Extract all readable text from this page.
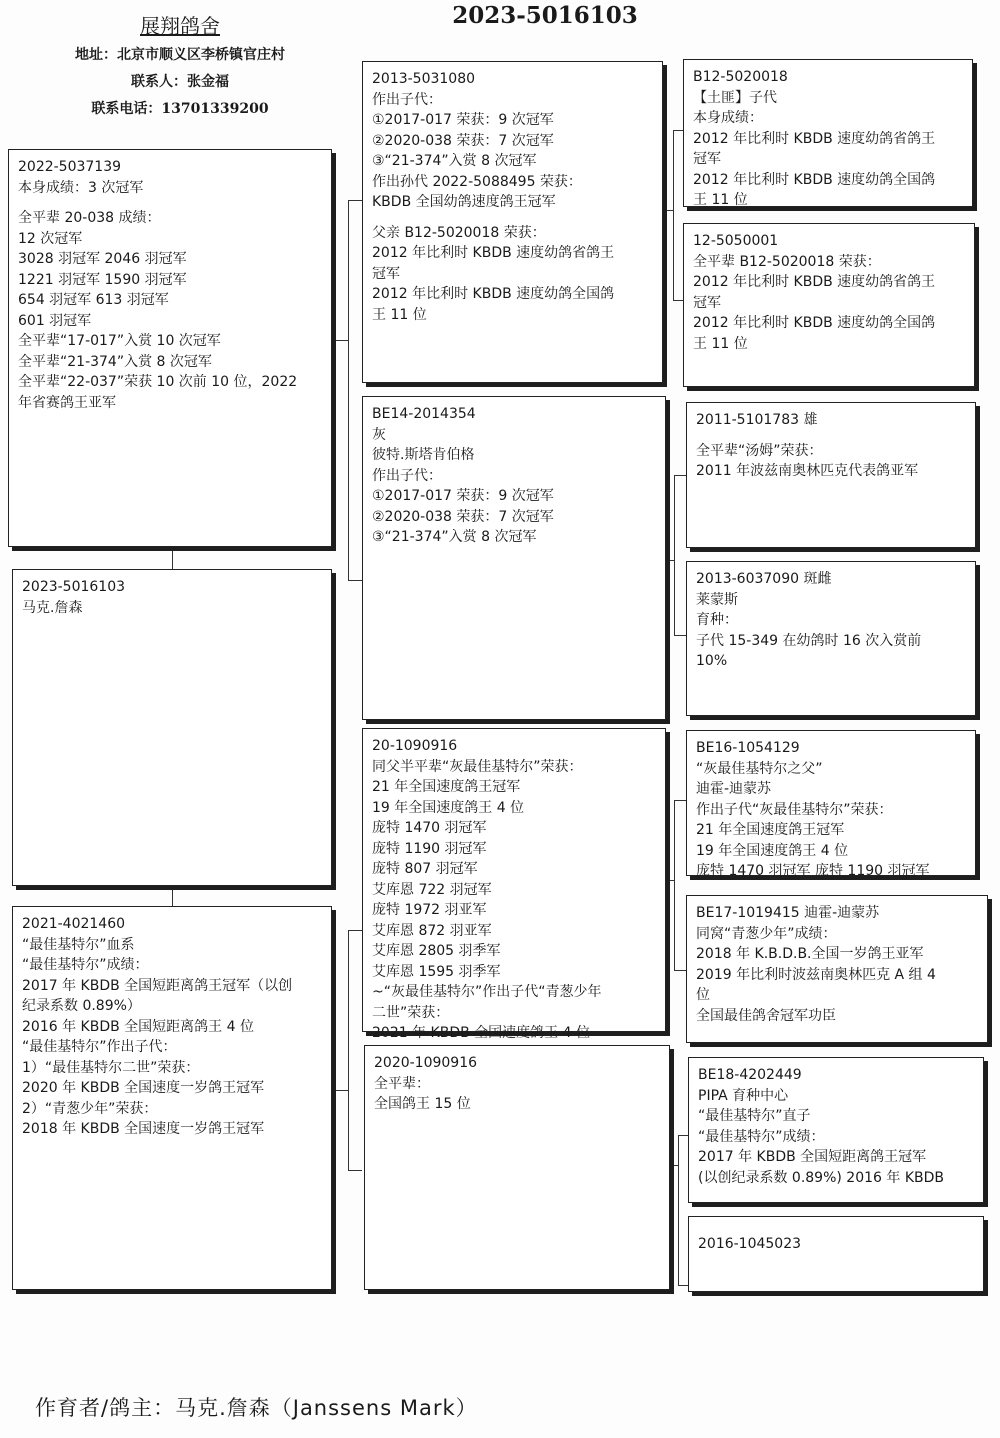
展翔鸽舍
地址：北京市顺义区李桥镇官庄村
联系人：张金福
联系电话：13701339200
2023-5016103
2022-5037139
本身成绩：3 次冠军
全平辈 20-038 成绩：
12 次冠军
3028 羽冠军 2046 羽冠军
1221 羽冠军 1590 羽冠军
654 羽冠军 613 羽冠军
601 羽冠军
全平辈“17-017”入赏 10 次冠军
全平辈“21-374”入赏 8 次冠军
全平辈“22-037”荣获 10 次前 10 位，2022
年省赛鸽王亚军
2023-5016103
马克.詹森
2021-4021460
“最佳基特尔”血系
“最佳基特尔”成绩：
2017 年 KBDB 全国短距离鸽王冠军（以创
纪录系数 0.89%）
2016 年 KBDB 全国短距离鸽王 4 位
“最佳基特尔”作出子代：
1）“最佳基特尔二世”荣获：
2020 年 KBDB 全国速度一岁鸽王冠军
2）“青葱少年”荣获：
2018 年 KBDB 全国速度一岁鸽王冠军
2013-5031080
作出子代：
①2017-017 荣获：9 次冠军
②2020-038 荣获：7 次冠军
③“21-374”入赏 8 次冠军
作出孙代 2022-5088495 荣获：
KBDB 全国幼鸽速度鸽王冠军
父亲 B12-5020018 荣获：
2012 年比利时 KBDB 速度幼鸽省鸽王
冠军
2012 年比利时 KBDB 速度幼鸽全国鸽
王 11 位
BE14-2014354
灰
彼特.斯塔肯伯格
作出子代：
①2017-017 荣获：9 次冠军
②2020-038 荣获：7 次冠军
③“21-374”入赏 8 次冠军
20-1090916
同父半平辈“灰最佳基特尔”荣获：
21 年全国速度鸽王冠军
19 年全国速度鸽王 4 位
庞特 1470 羽冠军
庞特 1190 羽冠军
庞特 807 羽冠军
艾库恩 722 羽冠军
庞特 1972 羽亚军
艾库恩 872 羽亚军
艾库恩 2805 羽季军
艾库恩 1595 羽季军
~“灰最佳基特尔”作出子代“青葱少年
二世”荣获：
2021 年 KBDB 全国速度鸽王 4 位
2020-1090916
全平辈：
全国鸽王 15 位
B12-5020018
【土匪】子代
本身成绩：
2012 年比利时 KBDB 速度幼鸽省鸽王
冠军
2012 年比利时 KBDB 速度幼鸽全国鸽
王 11 位
12-5050001
全平辈 B12-5020018 荣获：
2012 年比利时 KBDB 速度幼鸽省鸽王
冠军
2012 年比利时 KBDB 速度幼鸽全国鸽
王 11 位
2011-5101783 雄
全平辈“汤姆”荣获：
2011 年波兹南奥林匹克代表鸽亚军
2013-6037090 斑雌
莱蒙斯
育种：
子代 15-349 在幼鸽时 16 次入赏前
10%
BE16-1054129
“灰最佳基特尔之父”
迪霍-迪蒙苏
作出子代“灰最佳基特尔”荣获：
21 年全国速度鸽王冠军
19 年全国速度鸽王 4 位
庞特 1470 羽冠军 庞特 1190 羽冠军
BE17-1019415 迪霍-迪蒙苏
同窝“青葱少年”成绩：
2018 年 K.B.D.B.全国一岁鸽王亚军
2019 年比利时波兹南奥林匹克 A 组 4
位
全国最佳鸽舍冠军功臣
BE18-4202449
PIPA 育种中心
“最佳基特尔”直子
“最佳基特尔”成绩：
2017 年 KBDB 全国短距离鸽王冠军
(以创纪录系数 0.89%) 2016 年 KBDB
2016-1045023
作育者/鸽主：马克.詹森（Janssens Mark）
